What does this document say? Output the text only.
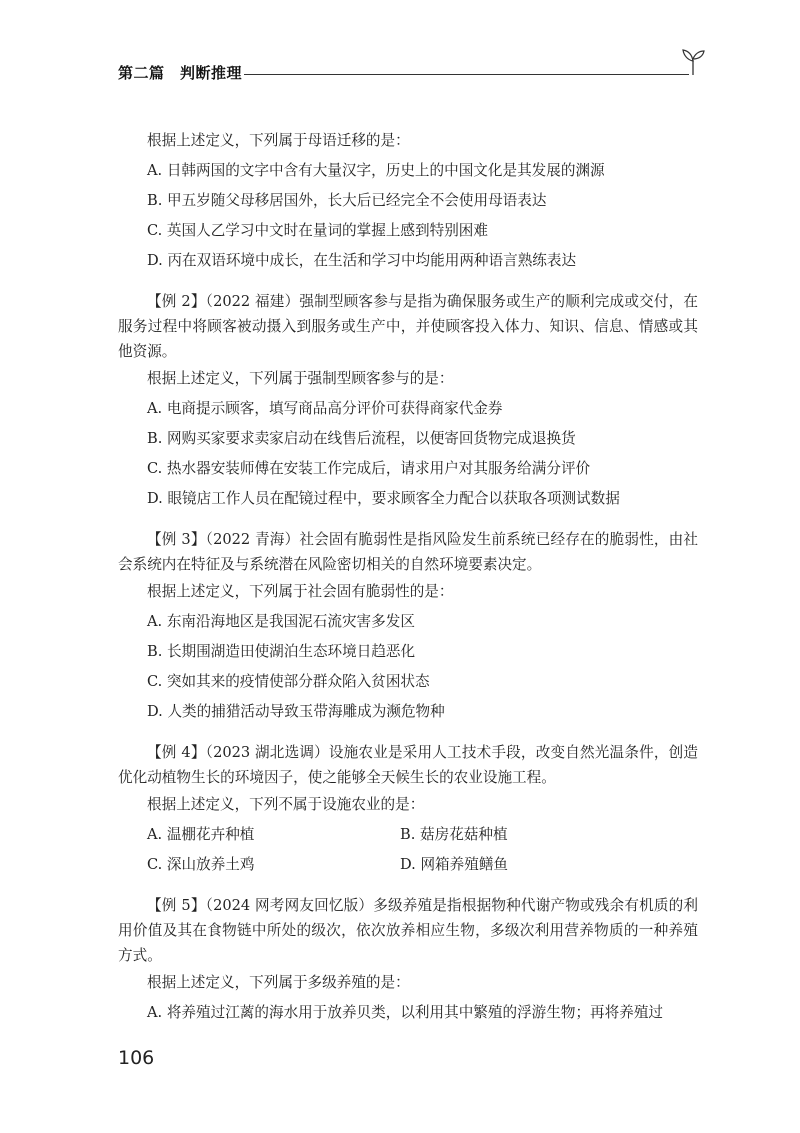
第二篇　判断推理
根据上述定义，下列属于母语迁移的是：
A. 日韩两国的文字中含有大量汉字，历史上的中国文化是其发展的渊源
B. 甲五岁随父母移居国外，长大后已经完全不会使用母语表达
C. 英国人乙学习中文时在量词的掌握上感到特别困难
D. 丙在双语环境中成长，在生活和学习中均能用两种语言熟练表达

【例 2】（2022 福建）强制型顾客参与是指为确保服务或生产的顺利完成或交付，在服务过程中将顾客被动摄入到服务或生产中，并使顾客投入体力、知识、信息、情感或其他资源。

根据上述定义，下列属于强制型顾客参与的是：
A. 电商提示顾客，填写商品高分评价可获得商家代金券
B. 网购买家要求卖家启动在线售后流程，以便寄回货物完成退换货
C. 热水器安装师傅在安装工作完成后，请求用户对其服务给满分评价
D. 眼镜店工作人员在配镜过程中，要求顾客全力配合以获取各项测试数据

【例 3】（2022 青海）社会固有脆弱性是指风险发生前系统已经存在的脆弱性，由社会系统内在特征及与系统潜在风险密切相关的自然环境要素决定。

根据上述定义，下列属于社会固有脆弱性的是：
A. 东南沿海地区是我国泥石流灾害多发区
B. 长期围湖造田使湖泊生态环境日趋恶化
C. 突如其来的疫情使部分群众陷入贫困状态
D. 人类的捕猎活动导致玉带海雕成为濒危物种

【例 4】（2023 湖北选调）设施农业是采用人工技术手段，改变自然光温条件，创造优化动植物生长的环境因子，使之能够全天候生长的农业设施工程。

根据上述定义，下列不属于设施农业的是：
A. 温棚花卉种植	B. 菇房花菇种植
C. 深山放养土鸡	D. 网箱养殖鳝鱼

【例 5】（2024 网考网友回忆版）多级养殖是指根据物种代谢产物或残余有机质的利用价值及其在食物链中所处的级次，依次放养相应生物，多级次利用营养物质的一种养殖方式。

根据上述定义，下列属于多级养殖的是：
A. 将养殖过江蓠的海水用于放养贝类，以利用其中繁殖的浮游生物；再将养殖过
106
